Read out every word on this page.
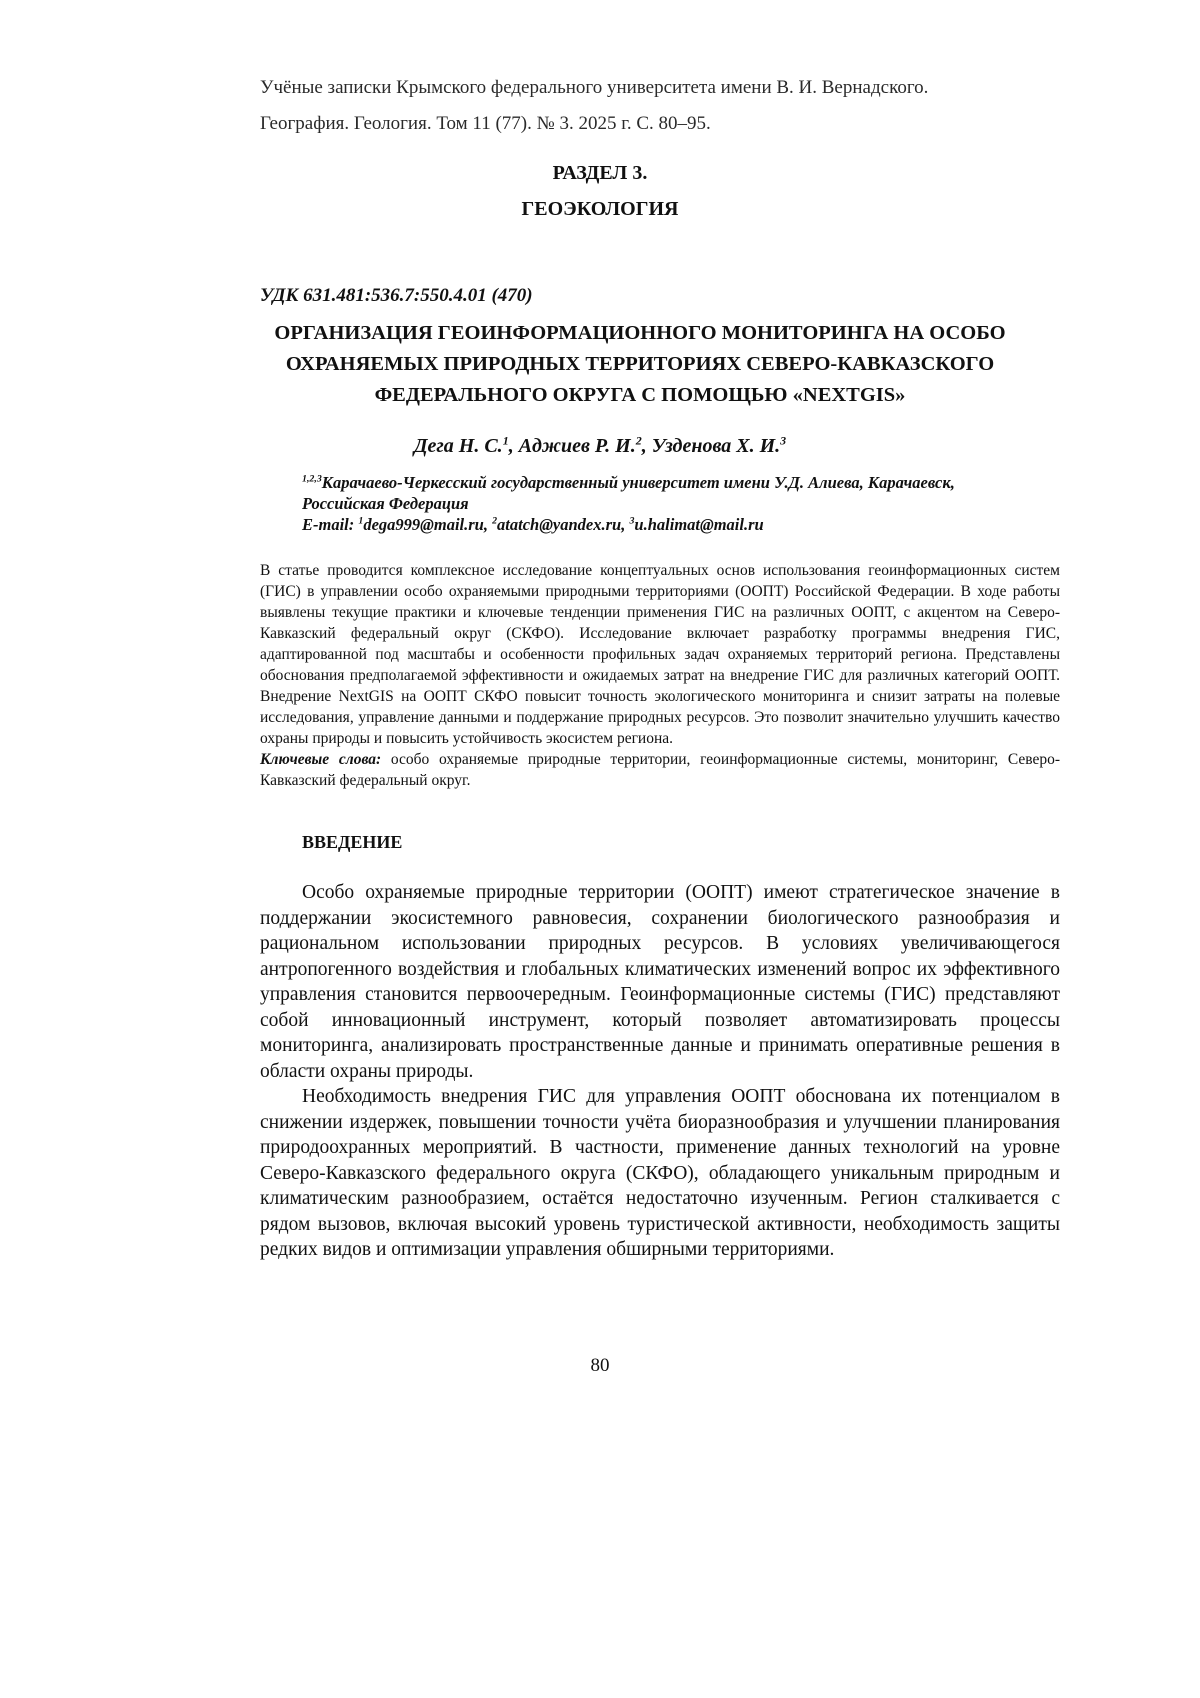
Учёные записки Крымского федерального университета имени В. И. Вернадского.
География. Геология. Том 11 (77). № 3. 2025 г. С. 80–95.
РАЗДЕЛ 3.
ГЕОЭКОЛОГИЯ
УДК 631.481:536.7:550.4.01 (470)
ОРГАНИЗАЦИЯ ГЕОИНФОРМАЦИОННОГО МОНИТОРИНГА НА ОСОБО
ОХРАНЯЕМЫХ ПРИРОДНЫХ ТЕРРИТОРИЯХ СЕВЕРО-КАВКАЗСКОГО
ФЕДЕРАЛЬНОГО ОКРУГА С ПОМОЩЬЮ «NEXTGIS»
Дега Н. С.1, Аджиев Р. И.2, Узденова Х. И.3
1,2,3Карачаево-Черкесский государственный университет имени У.Д. Алиева, Карачаевск,
Российская Федерация
E-mail: 1dega999@mail.ru, 2atatch@yandex.ru, 3u.halimat@mail.ru
В статье проводится комплексное исследование концептуальных основ использования геоинформационных систем (ГИС) в управлении особо охраняемыми природными территориями (ООПТ) Российской Федерации. В ходе работы выявлены текущие практики и ключевые тенденции применения ГИС на различных ООПТ, с акцентом на Северо-Кавказский федеральный округ (СКФО). Исследование включает разработку программы внедрения ГИС, адаптированной под масштабы и особенности профильных задач охраняемых территорий региона. Представлены обоснования предполагаемой эффективности и ожидаемых затрат на внедрение ГИС для различных категорий ООПТ. Внедрение NextGIS на ООПТ СКФО повысит точность экологического мониторинга и снизит затраты на полевые исследования, управление данными и поддержание природных ресурсов. Это позволит значительно улучшить качество охраны природы и повысить устойчивость экосистем региона.
Ключевые слова: особо охраняемые природные территории, геоинформационные системы, мониторинг, Северо-Кавказский федеральный округ.
ВВЕДЕНИЕ

Особо охраняемые природные территории (ООПТ) имеют стратегическое значение в поддержании экосистемного равновесия, сохранении биологического разнообразия и рациональном использовании природных ресурсов. В условиях увеличивающегося антропогенного воздействия и глобальных климатических изменений вопрос их эффективного управления становится первоочередным. Геоинформационные системы (ГИС) представляют собой инновационный инструмент, который позволяет автоматизировать процессы мониторинга, анализировать пространственные данные и принимать оперативные решения в области охраны природы.

Необходимость внедрения ГИС для управления ООПТ обоснована их потенциалом в снижении издержек, повышении точности учёта биоразнообразия и улучшении планирования природоохранных мероприятий. В частности, применение данных технологий на уровне Северо-Кавказского федерального округа (СКФО), обладающего уникальным природным и климатическим разнообразием, остаётся недостаточно изученным. Регион сталкивается с рядом вызовов, включая высокий уровень туристической активности, необходимость защиты редких видов и оптимизации управления обширными территориями.

80
